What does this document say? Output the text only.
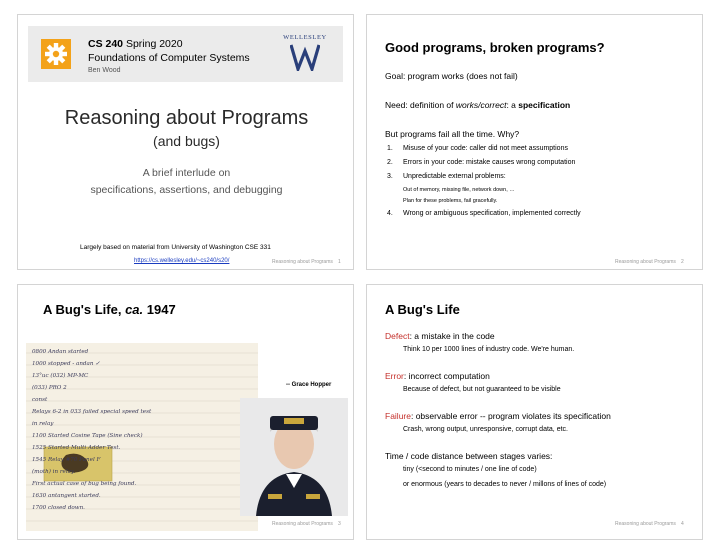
CS 240 Spring 2020
Foundations of Computer Systems
Ben Wood
WELLESLEY
Reasoning about Programs
(and bugs)
A brief interlude on
specifications, assertions, and debugging
Largely based on material from University of Washington CSE 331
https://cs.wellesley.edu/~cs240/s20/	Reasoning about Programs 1
Good programs, broken programs?
Goal: program works (does not fail)
Need: definition of works/correct: a specification
But programs fail all the time. Why?
1. Misuse of your code: caller did not meet assumptions
2. Errors in your code: mistake causes wrong computation
3. Unpredictable external problems:
Out of memory, missing file, network down, …
Plan for these problems, fail gracefully.
4. Wrong or ambiguous specification, implemented correctly
Reasoning about Programs 2
A Bug's Life, ca. 1947
0800 Andan started
1000 stopped - andan ✓
13°uc (032) MP-MC
(033) PRO 2
const
Relays 6-2 in 033 failed special speed test
in relay
1100 Started Cosine Tape (Sine check)
1525 Started Multi Adder Test.
1545 Relay #70 Panel F
(moth) in relay.
First actual case of bug being found.
1630 antangent started.
1700 closed down.
-- Grace Hopper
Reasoning about Programs 3
A Bug's Life
Defect: a mistake in the code
Think 10 per 1000 lines of industry code. We're human.
Error: incorrect computation
Because of defect, but not guaranteed to be visible
Failure: observable error -- program violates its specification
Crash, wrong output, unresponsive, corrupt data, etc.
Time / code distance between stages varies:
tiny (<second to minutes / one line of code)
or enormous (years to decades to never / millons of lines of code)
Reasoning about Programs 4
